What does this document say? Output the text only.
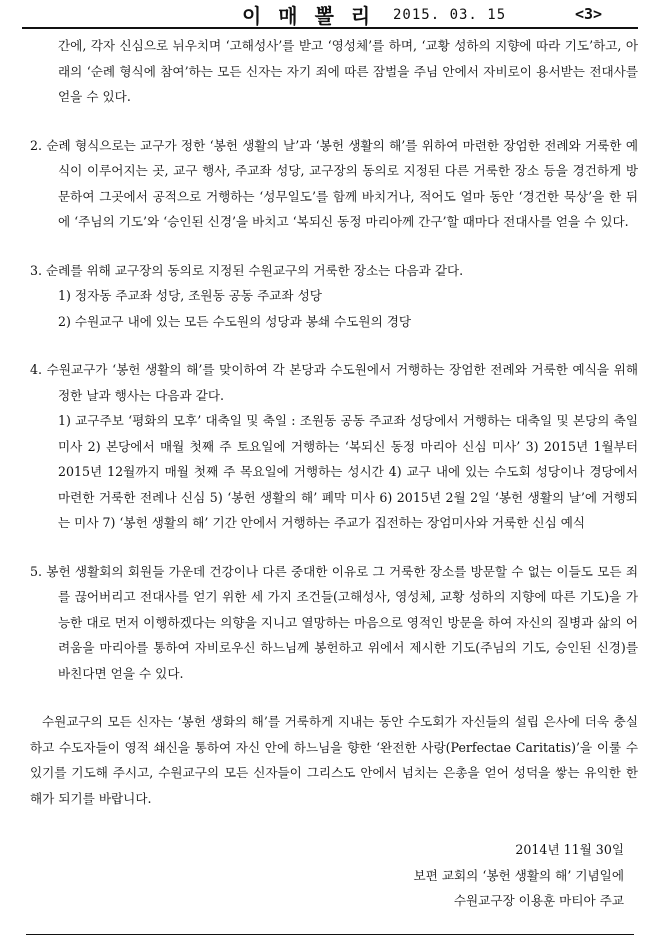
이 매 뽈 리 2015. 03. 15	<3>

간에, 각자 신심으로 뉘우치며 ‘고해성사’를 받고 ‘영성체’를 하며, ‘교황 성하의 지향에 따라 기도’하고, 아래의 ‘순례 형식에 참여’하는 모든 신자는 자기 죄에 따른 잠벌을 주님 안에서 자비로이 용서받는 전대사를 얻을 수 있다.

2. 순례 형식으로는 교구가 정한 ‘봉헌 생활의 날’과 ‘봉헌 생활의 해’를 위하여 마련한 장엄한 전례와 거룩한 예식이 이루어지는 곳, 교구 행사, 주교좌 성당, 교구장의 동의로 지정된 다른 거룩한 장소 등을 경건하게 방문하여 그곳에서 공적으로 거행하는 ‘성무일도’를 함께 바치거나, 적어도 얼마 동안 ‘경건한 묵상’을 한 뒤에 ‘주님의 기도’와 ‘승인된 신경’을 바치고 ‘복되신 동정 마리아께 간구’할 때마다 전대사를 얻을 수 있다.

3. 순례를 위해 교구장의 동의로 지정된 수원교구의 거룩한 장소는 다음과 같다.

1) 정자동 주교좌 성당, 조원동 공동 주교좌 성당

2) 수원교구 내에 있는 모든 수도원의 성당과 봉쇄 수도원의 경당

4. 수원교구가 ‘봉헌 생활의 해’를 맞이하여 각 본당과 수도원에서 거행하는 장엄한 전례와 거룩한 예식을 위해 정한 날과 행사는 다음과 같다.

1) 교구주보 ‘평화의 모후’ 대축일 및 축일 : 조원동 공동 주교좌 성당에서 거행하는 대축일 및 본당의 축일 미사 2) 본당에서 매월 첫째 주 토요일에 거행하는 ‘복되신 동정 마리아 신심 미사’ 3) 2015년 1월부터 2015년 12월까지 매월 첫째 주 목요일에 거행하는 성시간 4) 교구 내에 있는 수도회 성당이나 경당에서 마련한 거룩한 전례나 신심 5) ‘봉헌 생활의 해’ 폐막 미사 6) 2015년 2월 2일 ‘봉헌 생활의 날’에 거행되는 미사 7) ‘봉헌 생활의 해’ 기간 안에서 거행하는 주교가 집전하는 장엄미사와 거룩한 신심 예식

5. 봉헌 생활회의 회원들 가운데 건강이나 다른 중대한 이유로 그 거룩한 장소를 방문할 수 없는 이들도 모든 죄를 끊어버리고 전대사를 얻기 위한 세 가지 조건들(고해성사, 영성체, 교황 성하의 지향에 따른 기도)을 가능한 대로 먼저 이행하겠다는 의향을 지니고 열망하는 마음으로 영적인 방문을 하여 자신의 질병과 삶의 어려움을 마리아를 통하여 자비로우신 하느님께 봉헌하고 위에서 제시한 기도(주님의 기도, 승인된 신경)를 바친다면 얻을 수 있다.

수원교구의 모든 신자는 ‘봉헌 생화의 해’를 거룩하게 지내는 동안 수도회가 자신들의 설립 은사에 더욱 충실하고 수도자들이 영적 쇄신을 통하여 자신 안에 하느님을 향한 ‘완전한 사랑(Perfectae Caritatis)’을 이룰 수 있기를 기도해 주시고, 수원교구의 모든 신자들이 그리스도 안에서 넘치는 은총을 얻어 성덕을 쌓는 유익한 한 해가 되기를 바랍니다.

2014년 11월 30일

보편 교회의 ‘봉헌 생활의 해’ 기념일에

수원교구장 이용훈 마티아 주교
